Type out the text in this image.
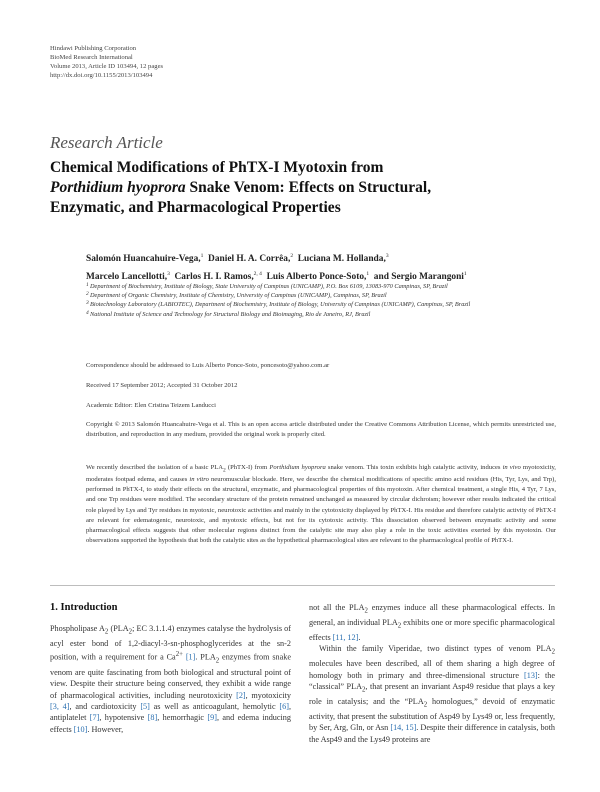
Hindawi Publishing Corporation
BioMed Research International
Volume 2013, Article ID 103494, 12 pages
http://dx.doi.org/10.1155/2013/103494
Research Article
Chemical Modifications of PhTX-I Myotoxin from
Porthidium hyoprora Snake Venom: Effects on Structural,
Enzymatic, and Pharmacological Properties
Salomón Huancahuire-Vega,$^1$ Daniel H. A. Corrêa,$^2$ Luciana M. Hollanda,$^3$
Marcelo Lancellotti,$^3$ Carlos H. I. Ramos,$^{2, 4}$ Luis Alberto Ponce-Soto,$^1$ and Sergio Marangoni$^1$
1 Department of Biochemistry, Institute of Biology, State University of Campinas (UNICAMP), P.O. Box 6109, 13083-970 Campinas, SP, Brazil
2 Department of Organic Chemistry, Institute of Chemistry, University of Campinas (UNICAMP), Campinas, SP, Brazil
3 Biotechnology Laboratory (LABIOTEC), Department of Biochemistry, Institute of Biology, University of Campinas (UNICAMP), Campinas, SP, Brazil
4 National Institute of Science and Technology for Structural Biology and Bioimaging, Rio de Janeiro, RJ, Brazil
Correspondence should be addressed to Luis Alberto Ponce-Soto, poncesoto@yahoo.com.ar
Received 17 September 2012; Accepted 31 October 2012
Academic Editor: Elen Cristina Teizem Landucci
Copyright © 2013 Salomón Huancahuire-Vega et al. This is an open access article distributed under the Creative Commons Attribution License, which permits unrestricted use, distribution, and reproduction in any medium, provided the original work is properly cited.
We recently described the isolation of a basic $PLA_2$ (PhTX-I) from Porthidium hyoprora snake venom. This toxin exhibits high catalytic activity, induces in vivo myotoxicity, moderates footpad edema, and causes in vitro neuromuscular blockade. Here, we describe the chemical modifications of specific amino acid residues (His, Tyr, Lys, and Trp), performed in PhTX-I, to study their effects on the structural, enzymatic, and pharmacological properties of this myotoxin. After chemical treatment, a single His, 4 Tyr, 7 Lys, and one Trp residues were modified. The secondary structure of the protein remained unchanged as measured by circular dichroism; however other results indicated the critical role played by Lys and Tyr residues in myotoxic, neurotoxic activities and mainly in the cytotoxicity displayed by PhTX-I. His residue and therefore catalytic activity of PhTX-I are relevant for edematogenic, neurotoxic, and myotoxic effects, but not for its cytotoxic activity. This dissociation observed between enzymatic activity and some pharmacological effects suggests that other molecular regions distinct from the catalytic site may also play a role in the toxic activities exerted by this myotoxin. Our observations supported the hypothesis that both the catalytic sites as the hypothetical pharmacological sites are relevant to the pharmacological profile of PhTX-I.
1. Introduction

Phospholipase $A_2$ ($PLA_2$; EC 3.1.1.4) enzymes catalyse the hydrolysis of acyl ester bond of 1,2-diacyl-3-sn-phosphoglycerides at the sn-2 position, with a requirement for a $Ca^{2+}$ [1]. $PLA_2$ enzymes from snake venom are quite fascinating from both biological and structural point of view. Despite their structure being conserved, they exhibit a wide range of pharmacological activities, including neurotoxicity [2], myotoxicity [3, 4], and cardiotoxicity [5] as well as anticoagulant, hemolytic [6], antiplatelet [7], hypotensive [8], hemorrhagic [9], and edema inducing effects [10]. However,

not all the $PLA_2$ enzymes induce all these pharmacological effects. In general, an individual $PLA_2$ exhibits one or more specific pharmacological effects [11, 12].

Within the family Viperidae, two distinct types of venom $PLA_2$ molecules have been described, all of them sharing a high degree of homology both in primary and three-dimensional structure [13]: the “classical” $PLA_2$, that present an invariant Asp49 residue that plays a key role in catalysis; and the “$PLA_2$ homologues,” devoid of enzymatic activity, that present the substitution of Asp49 by Lys49 or, less frequently, by Ser, Arg, Gln, or Asn [14, 15]. Despite their difference in catalysis, both the Asp49 and the Lys49 proteins are
